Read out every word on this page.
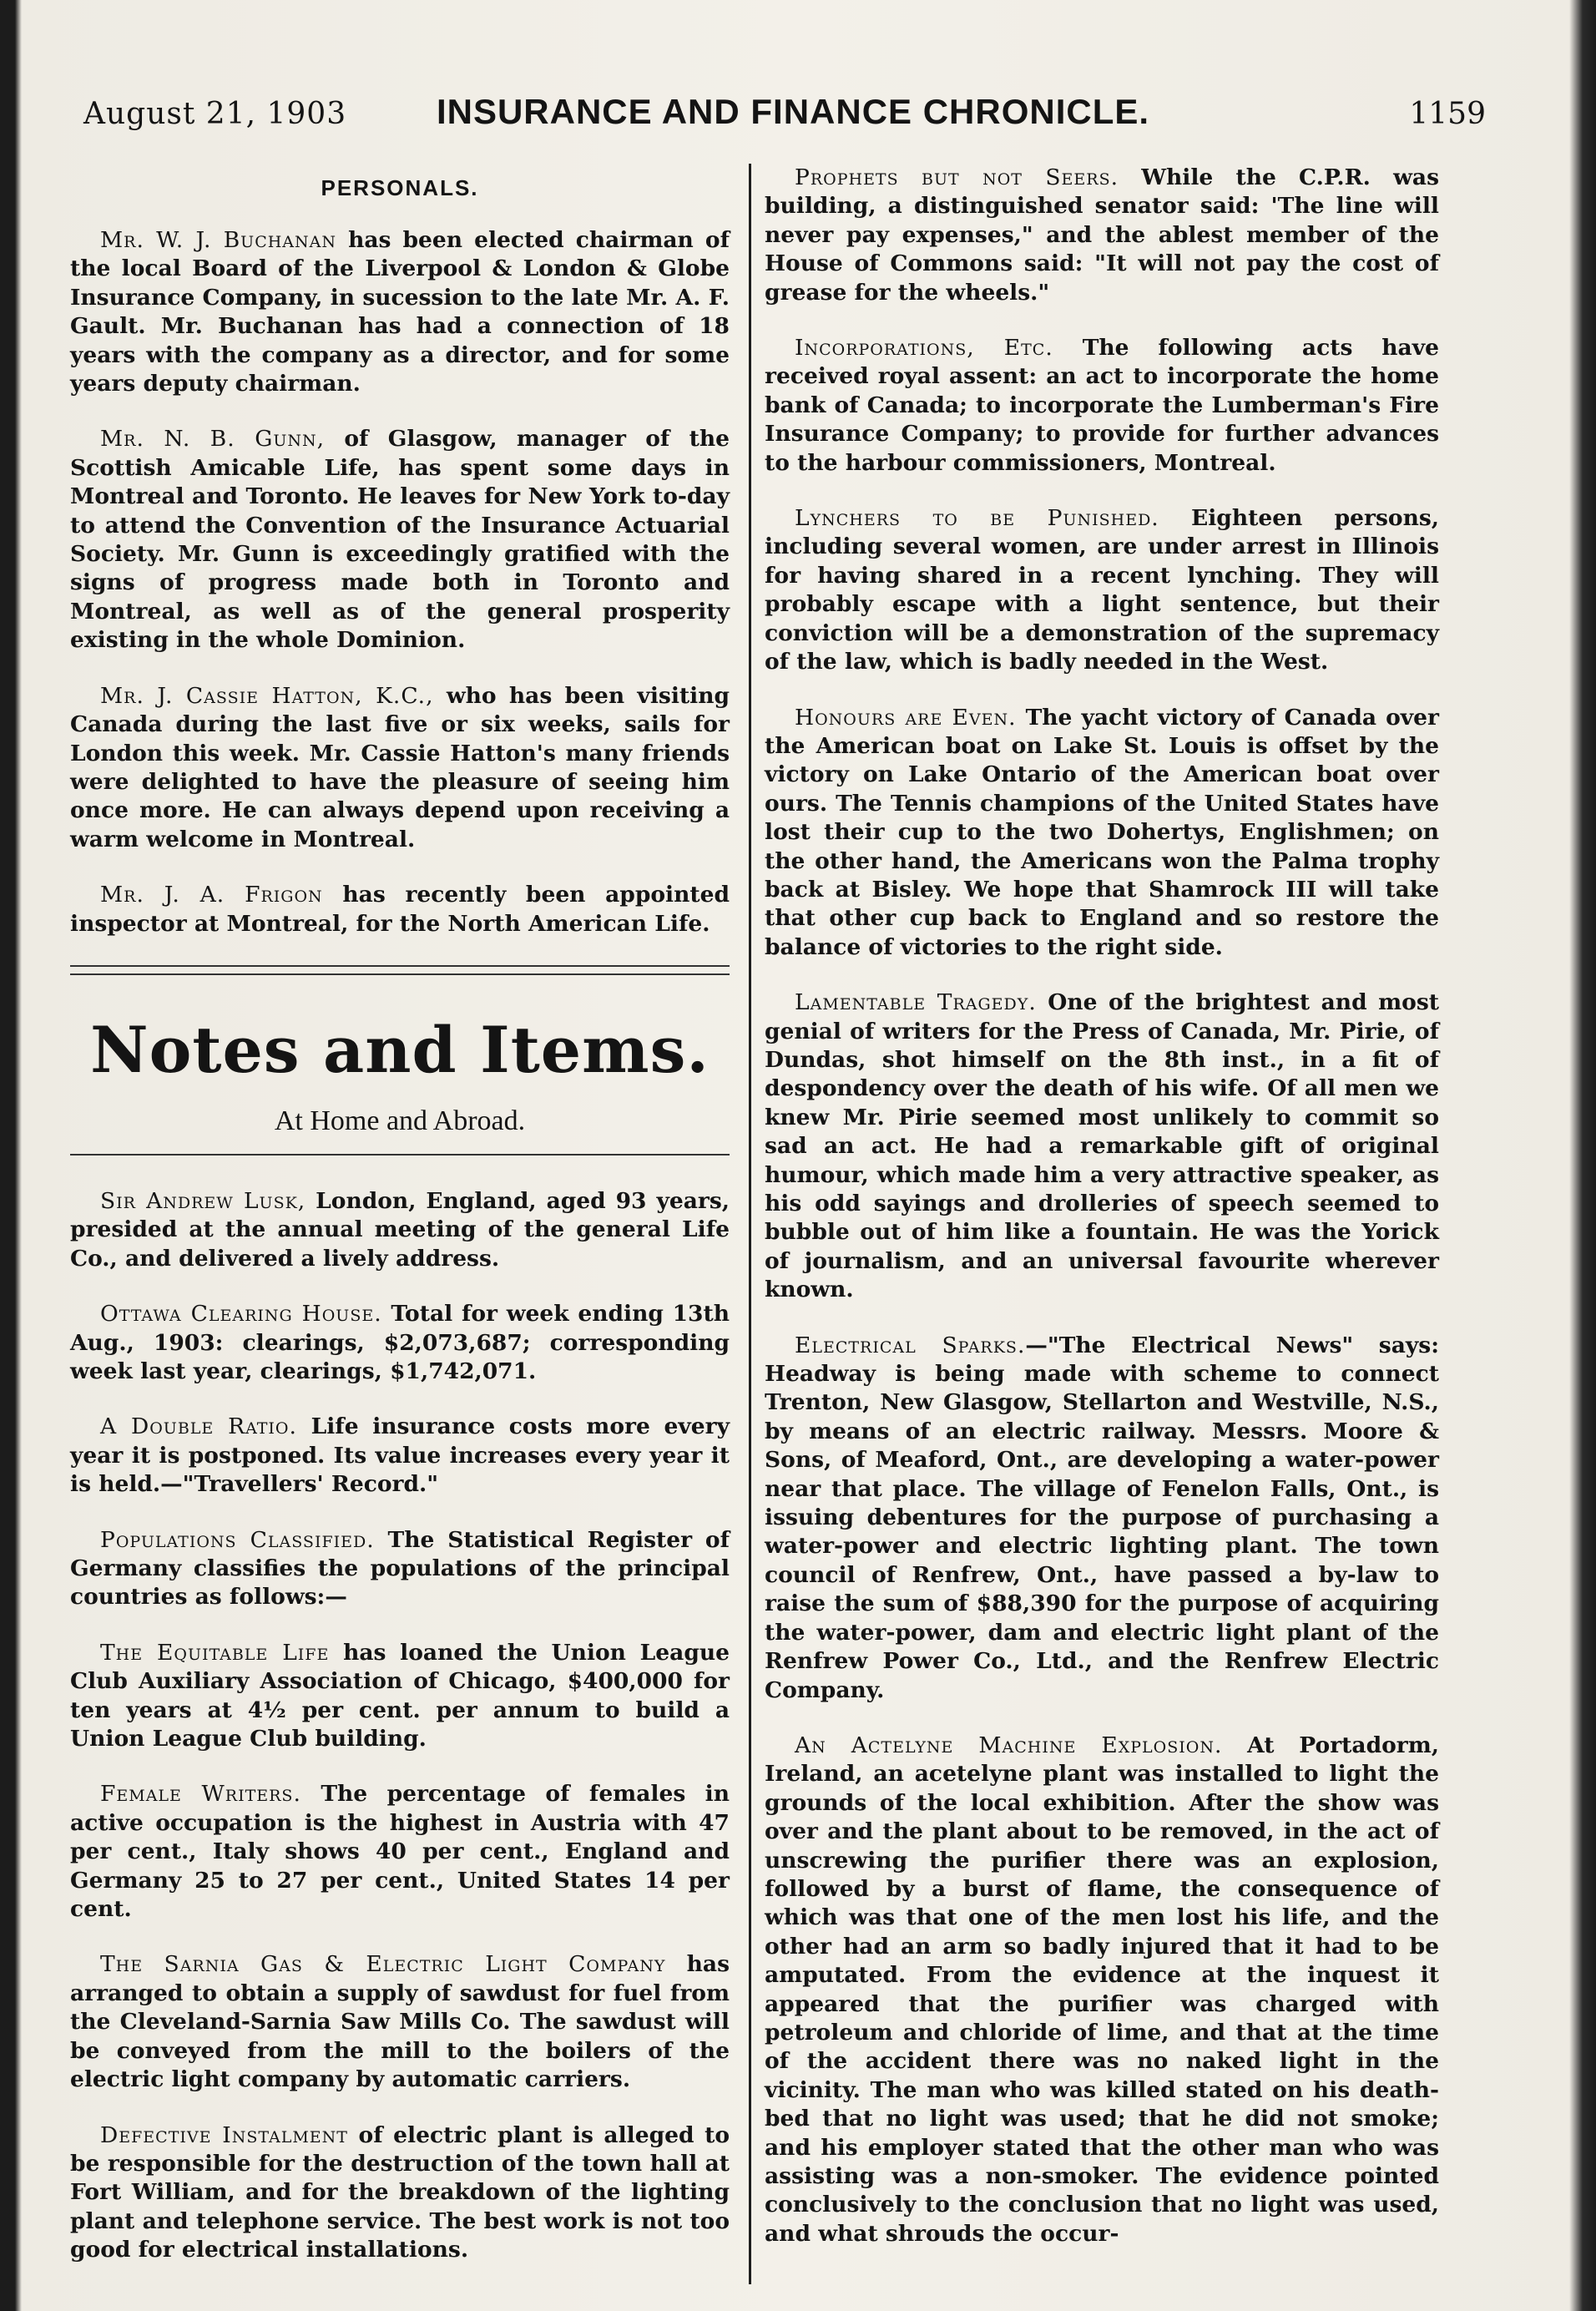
August 21, 1903	INSURANCE AND FINANCE CHRONICLE.	1159
PERSONALS.

Mr. W. J. Buchanan has been elected chairman of the local Board of the Liverpool & London & Globe Insurance Company, in sucession to the late Mr. A. F. Gault. Mr. Buchanan has had a connection of 18 years with the company as a director, and for some years deputy chairman.

Mr. N. B. Gunn, of Glasgow, manager of the Scottish Amicable Life, has spent some days in Montreal and Toronto. He leaves for New York to-day to attend the Convention of the Insurance Actuarial Society. Mr. Gunn is exceedingly gratified with the signs of progress made both in Toronto and Montreal, as well as of the general prosperity existing in the whole Dominion.

Mr. J. Cassie Hatton, K.C., who has been visiting Canada during the last five or six weeks, sails for London this week. Mr. Cassie Hatton's many friends were delighted to have the pleasure of seeing him once more. He can always depend upon receiving a warm welcome in Montreal.

Mr. J. A. Frigon has recently been appointed inspector at Montreal, for the North American Life.

Notes and Items.
At Home and Abroad.

Sir Andrew Lusk, London, England, aged 93 years, presided at the annual meeting of the general Life Co., and delivered a lively address.

Ottawa Clearing House. Total for week ending 13th Aug., 1903: clearings, $2,073,687; corresponding week last year, clearings, $1,742,071.

A Double Ratio. Life insurance costs more every year it is postponed. Its value increases every year it is held.—"Travellers' Record."

Populations Classified. The Statistical Register of Germany classifies the populations of the principal countries as follows:—

The Equitable Life has loaned the Union League Club Auxiliary Association of Chicago, $400,000 for ten years at 4½ per cent. per annum to build a Union League Club building.

Female Writers. The percentage of females in active occupation is the highest in Austria with 47 per cent., Italy shows 40 per cent., England and Germany 25 to 27 per cent., United States 14 per cent.

The Sarnia Gas & Electric Light Company has arranged to obtain a supply of sawdust for fuel from the Cleveland-Sarnia Saw Mills Co. The sawdust will be conveyed from the mill to the boilers of the electric light company by automatic carriers.

Defective Instalment of electric plant is alleged to be responsible for the destruction of the town hall at Fort William, and for the breakdown of the lighting plant and telephone service. The best work is not too good for electrical installations.

Prophets but not Seers. While the C.P.R. was building, a distinguished senator said: 'The line will never pay expenses," and the ablest member of the House of Commons said: "It will not pay the cost of grease for the wheels."

Incorporations, Etc. The following acts have received royal assent: an act to incorporate the home bank of Canada; to incorporate the Lumberman's Fire Insurance Company; to provide for further advances to the harbour commissioners, Montreal.

Lynchers to be Punished. Eighteen persons, including several women, are under arrest in Illinois for having shared in a recent lynching. They will probably escape with a light sentence, but their conviction will be a demonstration of the supremacy of the law, which is badly needed in the West.

Honours are Even. The yacht victory of Canada over the American boat on Lake St. Louis is offset by the victory on Lake Ontario of the American boat over ours. The Tennis champions of the United States have lost their cup to the two Dohertys, Englishmen; on the other hand, the Americans won the Palma trophy back at Bisley. We hope that Shamrock III will take that other cup back to England and so restore the balance of victories to the right side.

Lamentable Tragedy. One of the brightest and most genial of writers for the Press of Canada, Mr. Pirie, of Dundas, shot himself on the 8th inst., in a fit of despondency over the death of his wife. Of all men we knew Mr. Pirie seemed most unlikely to commit so sad an act. He had a remarkable gift of original humour, which made him a very attractive speaker, as his odd sayings and drolleries of speech seemed to bubble out of him like a fountain. He was the Yorick of journalism, and an universal favourite wherever known.

Electrical Sparks.—"The Electrical News" says: Headway is being made with scheme to connect Trenton, New Glasgow, Stellarton and Westville, N.S., by means of an electric railway. Messrs. Moore & Sons, of Meaford, Ont., are developing a water-power near that place. The village of Fenelon Falls, Ont., is issuing debentures for the purpose of purchasing a water-power and electric lighting plant. The town council of Renfrew, Ont., have passed a by-law to raise the sum of $88,390 for the purpose of acquiring the water-power, dam and electric light plant of the Renfrew Power Co., Ltd., and the Renfrew Electric Company.

An Actelyne Machine Explosion. At Portadorm, Ireland, an acetelyne plant was installed to light the grounds of the local exhibition. After the show was over and the plant about to be removed, in the act of unscrewing the purifier there was an explosion, followed by a burst of flame, the consequence of which was that one of the men lost his life, and the other had an arm so badly injured that it had to be amputated. From the evidence at the inquest it appeared that the purifier was charged with petroleum and chloride of lime, and that at the time of the accident there was no naked light in the vicinity. The man who was killed stated on his death-bed that no light was used; that he did not smoke; and his employer stated that the other man who was assisting was a non-smoker. The evidence pointed conclusively to the conclusion that no light was used, and what shrouds the occur-
